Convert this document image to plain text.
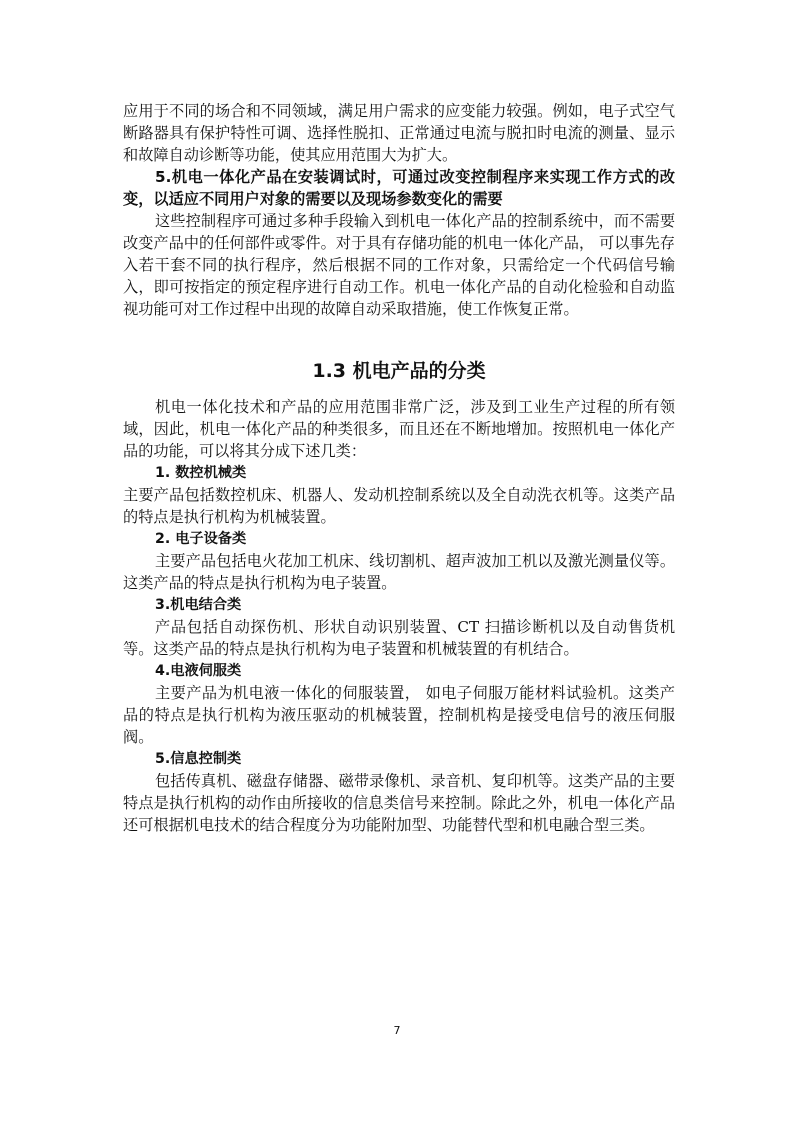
应用于不同的场合和不同领域，满足用户需求的应变能力较强。例如，电子式空气断路器具有保护特性可调、选择性脱扣、正常通过电流与脱扣时电流的测量、显示和故障自动诊断等功能，使其应用范围大为扩大。

5.机电一体化产品在安装调试时，可通过改变控制程序来实现工作方式的改变，以适应不同用户对象的需要以及现场参数变化的需要

这些控制程序可通过多种手段输入到机电一体化产品的控制系统中，而不需要改变产品中的任何部件或零件。对于具有存储功能的机电一体化产品， 可以事先存入若干套不同的执行程序，然后根据不同的工作对象，只需给定一个代码信号输入，即可按指定的预定程序进行自动工作。机电一体化产品的自动化检验和自动监视功能可对工作过程中出现的故障自动采取措施，使工作恢复正常。

1.3 机电产品的分类

机电一体化技术和产品的应用范围非常广泛，涉及到工业生产过程的所有领域，因此，机电一体化产品的种类很多，而且还在不断地增加。按照机电一体化产品的功能，可以将其分成下述几类：

1. 数控机械类

主要产品包括数控机床、机器人、发动机控制系统以及全自动洗衣机等。这类产品的特点是执行机构为机械装置。

2. 电子设备类

主要产品包括电火花加工机床、线切割机、超声波加工机以及激光测量仪等。这类产品的特点是执行机构为电子装置。

3.机电结合类

产品包括自动探伤机、形状自动识别装置、CT 扫描诊断机以及自动售货机等。这类产品的特点是执行机构为电子装置和机械装置的有机结合。

4.电液伺服类

主要产品为机电液一体化的伺服装置， 如电子伺服万能材料试验机。这类产品的特点是执行机构为液压驱动的机械装置，控制机构是接受电信号的液压伺服阀。

5.信息控制类

包括传真机、磁盘存储器、磁带录像机、录音机、复印机等。这类产品的主要特点是执行机构的动作由所接收的信息类信号来控制。除此之外，机电一体化产品还可根据机电技术的结合程度分为功能附加型、功能替代型和机电融合型三类。

7
